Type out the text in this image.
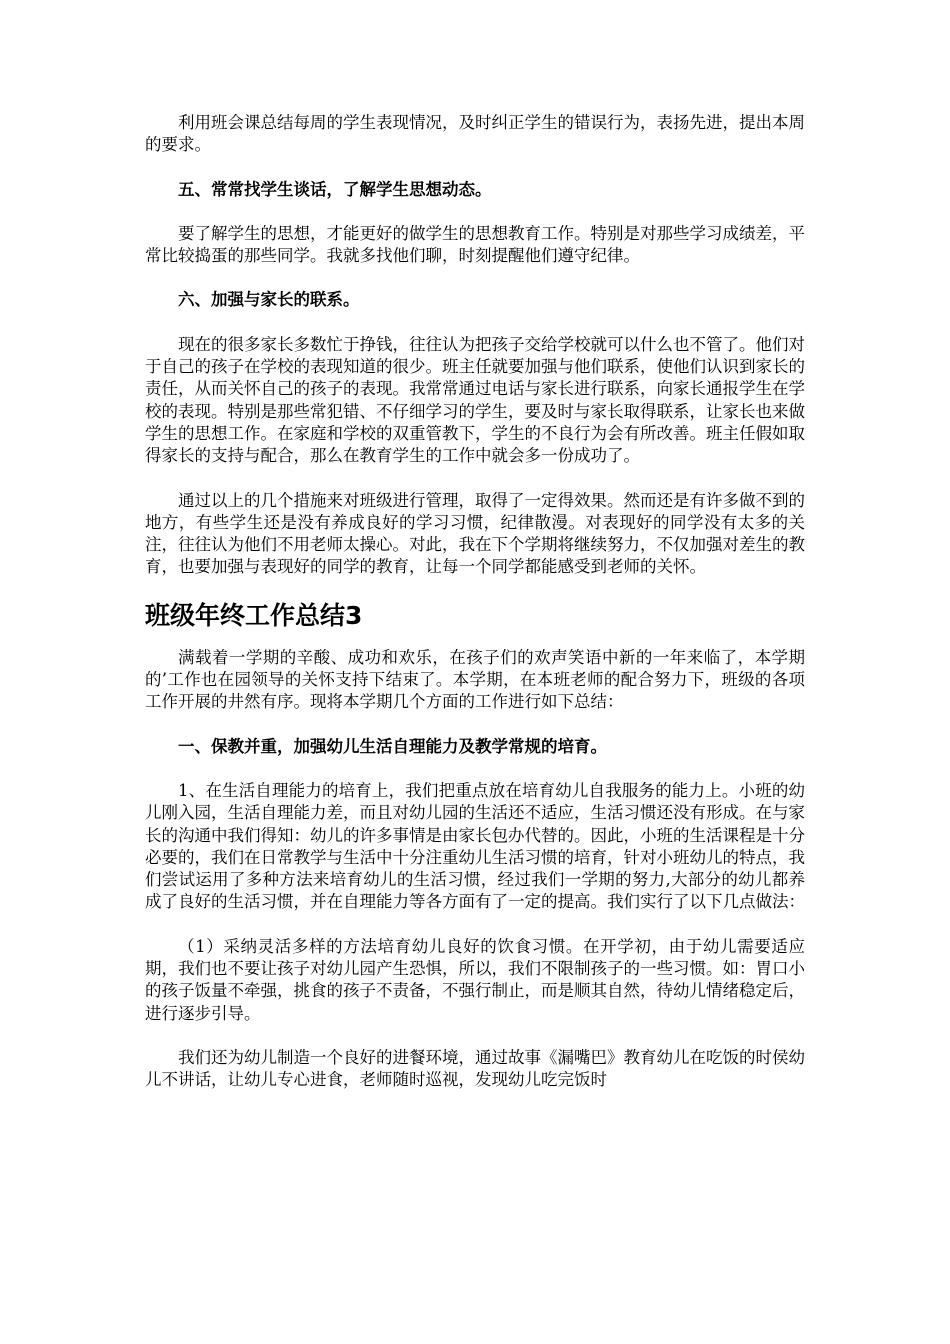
利用班会课总结每周的学生表现情况，及时纠正学生的错误行为，表扬先进，提出本周的要求。

五、常常找学生谈话，了解学生思想动态。

要了解学生的思想，才能更好的做学生的思想教育工作。特别是对那些学习成绩差，平常比较捣蛋的那些同学。我就多找他们聊，时刻提醒他们遵守纪律。

六、加强与家长的联系。

现在的很多家长多数忙于挣钱，往往认为把孩子交给学校就可以什么也不管了。他们对于自己的孩子在学校的表现知道的很少。班主任就要加强与他们联系，使他们认识到家长的责任，从而关怀自己的孩子的表现。我常常通过电话与家长进行联系，向家长通报学生在学校的表现。特别是那些常犯错、不仔细学习的学生，要及时与家长取得联系，让家长也来做学生的思想工作。在家庭和学校的双重管教下，学生的不良行为会有所改善。班主任假如取得家长的支持与配合，那么在教育学生的工作中就会多一份成功了。

通过以上的几个措施来对班级进行管理，取得了一定得效果。然而还是有许多做不到的地方，有些学生还是没有养成良好的学习习惯，纪律散漫。对表现好的同学没有太多的关注，往往认为他们不用老师太操心。对此，我在下个学期将继续努力，不仅加强对差生的教育，也要加强与表现好的同学的教育，让每一个同学都能感受到老师的关怀。

班级年终工作总结3

满载着一学期的辛酸、成功和欢乐，在孩子们的欢声笑语中新的一年来临了，本学期的’工作也在园领导的关怀支持下结束了。本学期，在本班老师的配合努力下，班级的各项工作开展的井然有序。现将本学期几个方面的工作进行如下总结：

一、保教并重，加强幼儿生活自理能力及教学常规的培育。

1、在生活自理能力的培育上，我们把重点放在培育幼儿自我服务的能力上。小班的幼儿刚入园，生活自理能力差，而且对幼儿园的生活还不适应，生活习惯还没有形成。在与家长的沟通中我们得知：幼儿的许多事情是由家长包办代替的。因此，小班的生活课程是十分必要的，我们在日常教学与生活中十分注重幼儿生活习惯的培育，针对小班幼儿的特点，我们尝试运用了多种方法来培育幼儿的生活习惯，经过我们一学期的努力,大部分的幼儿都养成了良好的生活习惯，并在自理能力等各方面有了一定的提高。我们实行了以下几点做法：

（1）采纳灵活多样的方法培育幼儿良好的饮食习惯。在开学初，由于幼儿需要适应期，我们也不要让孩子对幼儿园产生恐惧，所以，我们不限制孩子的一些习惯。如：胃口小的孩子饭量不牵强，挑食的孩子不责备，不强行制止，而是顺其自然，待幼儿情绪稳定后，进行逐步引导。

我们还为幼儿制造一个良好的进餐环境，通过故事《漏嘴巴》教育幼儿在吃饭的时侯幼儿不讲话，让幼儿专心进食，老师随时巡视，发现幼儿吃完饭时
